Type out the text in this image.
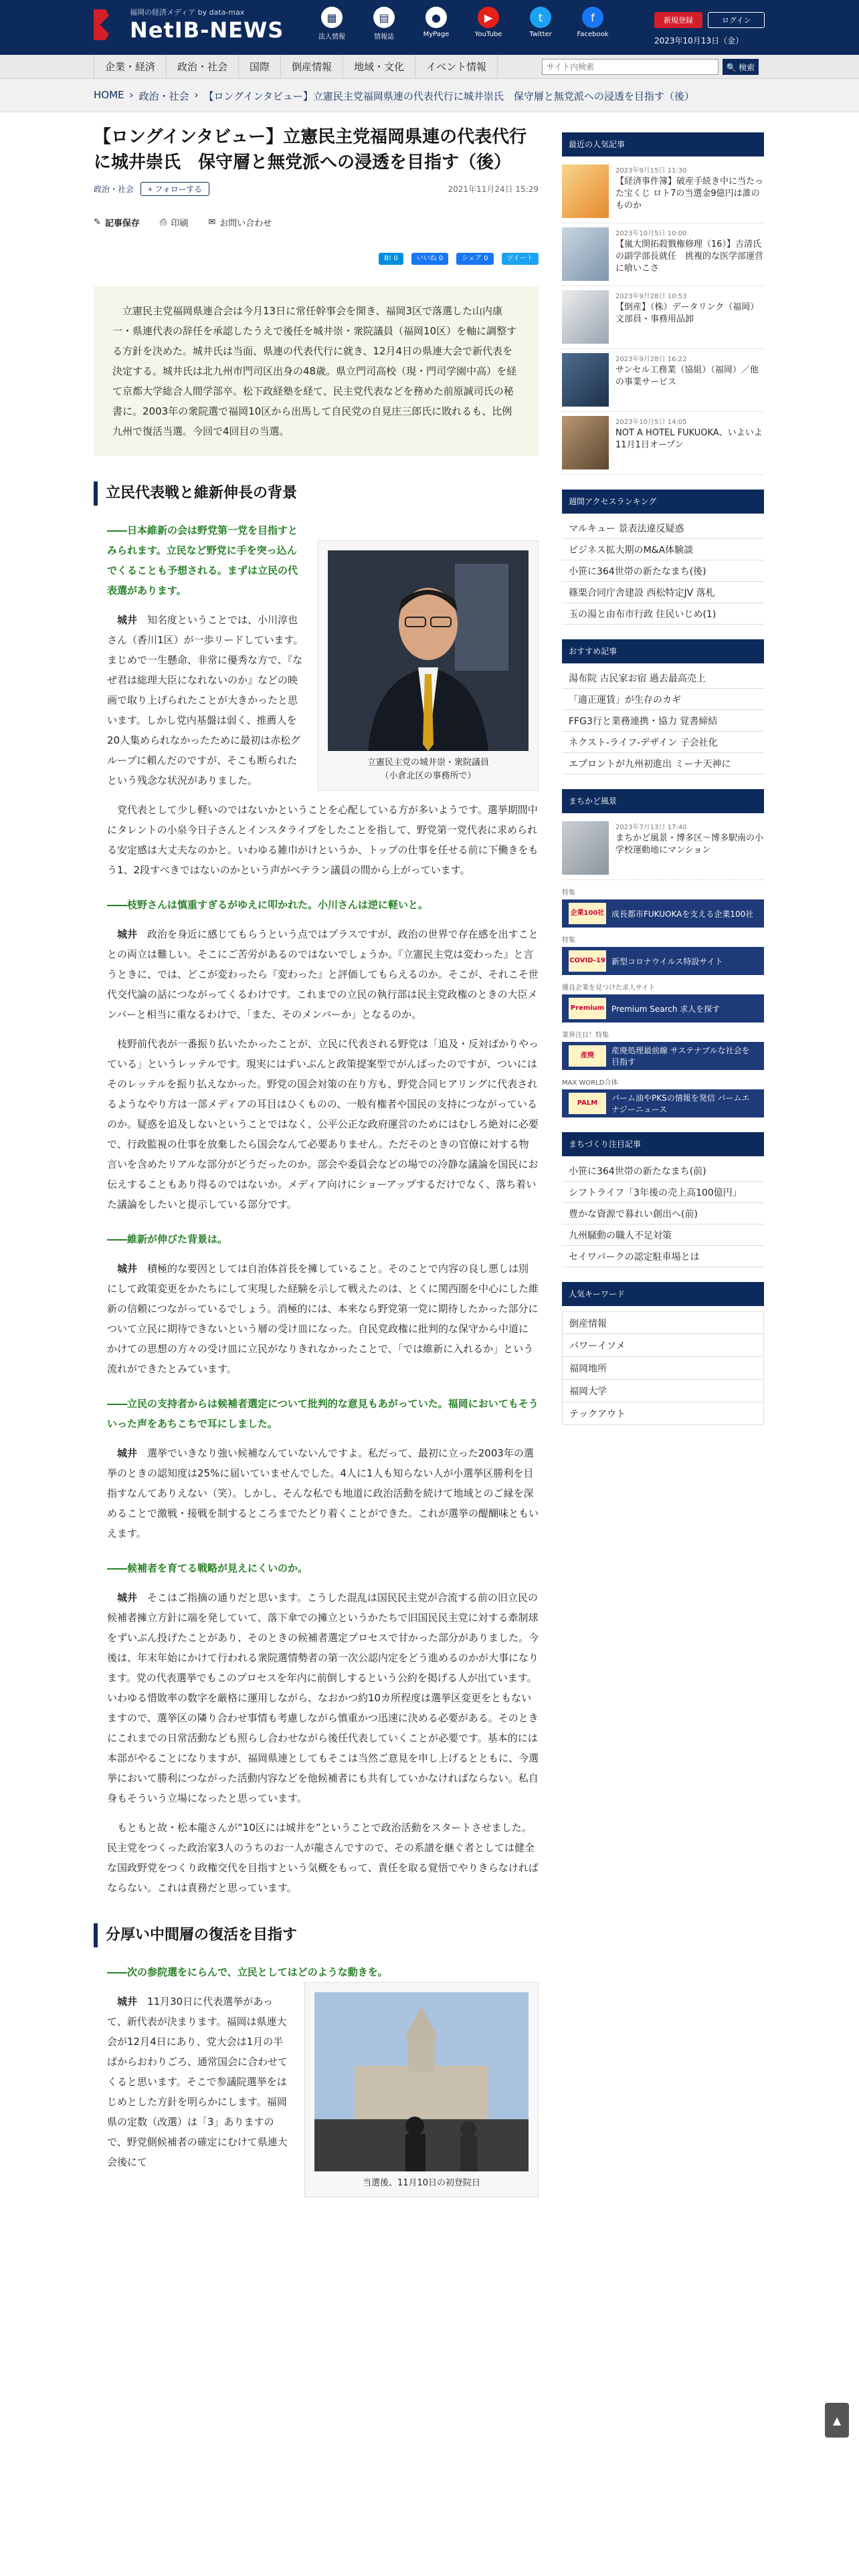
福岡の経済メディア by data-max
NetIB-NEWS	▦
法人情報
▤
情報誌
●
MyPage
▶
YouTube
t
Twitter
f
Facebook
新規登録	ログイン
2023年10月13日（金）
企業・経済	政治・社会	国際	倒産情報	地域・文化	イベント情報
サイト内検索	🔍 検索
HOME › 政治・社会 › 【ロングインタビュー】立憲民主党福岡県連の代表代行に城井崇氏　保守層と無党派への浸透を目指す（後）
【ロングインタビュー】立憲民主党福岡県連の代表代行に城井崇氏　保守層と無党派への浸透を目指す（後）
政治・社会	+ フォローする	2021年11月24日 15:29
✎ 記事保存 ⎙ 印刷 ✉ お問い合わせ
B! 0	いいね 0	シェア 0	ツイート
　立憲民主党福岡県連合会は今月13日に常任幹事会を開き、福岡3区で落選した山内康一・県連代表の辞任を承認したうえで後任を城井崇・衆院議員（福岡10区）を軸に調整する方針を決めた。城井氏は当面、県連の代表代行に就き、12月4日の県連大会で新代表を決定する。城井氏は北九州市門司区出身の48歳。県立門司高校（現・門司学園中高）を経て京都大学総合人間学部卒。松下政経塾を経て、民主党代表などを務めた前原誠司氏の秘書に。2003年の衆院選で福岡10区から出馬して自民党の自見庄三郎氏に敗れるも、比例九州で復活当選。今回で4回目の当選。
立民代表戦と維新伸長の背景
――日本維新の会は野党第一党を目指すとみられます。立民など野党に手を突っ込んでくることも予想される。まずは立民の代表選があります。
立憲民主党の城井崇・衆院議員
（小倉北区の事務所で）

城井　 知名度ということでは、小川淳也さん（香川1区）が一歩リードしています。まじめで一生懸命、非常に優秀な方で、『なぜ君は総理大臣になれないのか』などの映画で取り上げられたことが大きかったと思います。しかし党内基盤は弱く、推薦人を20人集められなかったために最初は赤松グループに頼んだのですが、そこも断られたという残念な状況がありました。

党代表として少し軽いのではないかということを心配している方が多いようです。選挙期間中にタレントの小泉今日子さんとインスタライブをしたことを指して、野党第一党代表に求められる安定感は大丈夫なのかと。いわゆる雑巾がけというか、トップの仕事を任せる前に下働きをもう1、2段すべきではないのかという声がベテラン議員の間から上がっています。

――枝野さんは慎重すぎるがゆえに叩かれた。小川さんは逆に軽いと。

城井　 政治を身近に感じてもらうという点ではプラスですが、政治の世界で存在感を出すこととの両立は難しい。そこにご苦労があるのではないでしょうか。『立憲民主党は変わった』と言うときに、では、どこが変わったら『変わった』と評価してもらえるのか。そこが、それこそ世代交代論の話につながってくるわけです。これまでの立民の執行部は民主党政権のときの大臣メンバーと相当に重なるわけで、「また、そのメンバーか」となるのか。

枝野前代表が一番振り払いたかったことが、立民に代表される野党は「追及・反対ばかりやっている」というレッテルです。現実にはずいぶんと政策提案型でがんばったのですが、ついにはそのレッテルを振り払えなかった。野党の国会対策の在り方も、野党合同ヒアリングに代表されるようなやり方は一部メディアの耳目はひくものの、一般有権者や国民の支持につながっているのか。疑惑を追及しないということではなく、公平公正な政府運営のためにはむしろ絶対に必要で、行政監視の仕事を放棄したら国会なんて必要ありません。ただそのときの官僚に対する物言いを含めたリアルな部分がどうだったのか。部会や委員会などの場での冷静な議論を国民にお伝えすることもあり得るのではないか。メディア向けにショーアップするだけでなく、落ち着いた議論をしたいと提示している部分です。

――維新が伸びた背景は。

城井　 積極的な要因としては自治体首長を擁していること。そのことで内容の良し悪しは別にして政策変更をかたちにして実現した経験を示して戦えたのは、とくに関西圏を中心にした維新の信頼につながっているでしょう。消極的には、本来なら野党第一党に期待したかった部分について立民に期待できないという層の受け皿になった。自民党政権に批判的な保守から中道にかけての思想の方々の受け皿に立民がなりきれなかったことで、「では維新に入れるか」という流れができたとみています。

――立民の支持者からは候補者選定について批判的な意見もあがっていた。福岡においてもそういった声をあちこちで耳にしました。

城井　 選挙でいきなり強い候補なんていないんですよ。私だって、最初に立った2003年の選挙のときの認知度は25%に届いていませんでした。4人に1人も知らない人が小選挙区勝利を目指すなんてありえない（笑）。しかし、そんな私でも地道に政治活動を続けて地域とのご縁を深めることで激戦・接戦を制するところまでたどり着くことができた。これが選挙の醍醐味ともいえます。

――候補者を育てる戦略が見えにくいのか。

城井　 そこはご指摘の通りだと思います。こうした混乱は国民民主党が合流する前の旧立民の候補者擁立方針に端を発していて、落下傘での擁立というかたちで旧国民民主党に対する牽制球をずいぶん投げたことがあり、そのときの候補者選定プロセスで甘かった部分がありました。今後は、年末年始にかけて行われる衆院選情勢者の第一次公認内定をどう進めるのかが大事になります。党の代表選挙でもこのプロセスを年内に前倒しするという公約を掲げる人が出ています。いわゆる惜敗率の数字を厳格に運用しながら、なおかつ約10カ所程度は選挙区変更をともないますので、選挙区の隣り合わせ事情も考慮しながら慎重かつ迅速に決める必要がある。そのときにこれまでの日常活動なども照らし合わせながら後任代表していくことが必要です。基本的には本部がやることになりますが、福岡県連としてもそこは当然ご意見を申し上げるとともに、今選挙において勝利につながった活動内容などを他候補者にも共有していかなければならない。私自身もそういう立場になったと思っています。

もともと故・松本龍さんが“10区には城井を”ということで政治活動をスタートさせました。民主党をつくった政治家3人のうちのお一人が龍さんですので、その系譜を継ぐ者としては健全な国政野党をつくり政権交代を目指すという気概をもって、責任を取る覚悟でやりきらなければならない。これは責務だと思っています。

分厚い中間層の復活を目指す
――次の参院選をにらんで、立民としてはどのような動きを。
当選後、11月10日の初登院日

城井　 11月30日に代表選挙があって、新代表が決まります。福岡は県連大会が12月4日にあり、党大会は1月の半ばからおわりごろ、通常国会に合わせてくると思います。そこで参議院選挙をはじめとした方針を明らかにします。福岡県の定数（改選）は「3」ありますので、野党側候補者の確定にむけて県連大会後にて

最近の人気記事
2023年9月15日 11:30
【経済事件簿】破産手続き中に当たった宝くじ ロト7の当選金9億円は誰のものか
2023年10月5日 10:00
【嵐大開拓殺戮権修理（16）】吉清氏の副学部長就任　挑複的な医学部運営に喰いこさ
2023年9月28日 10:53
【倒産】（株）データリンク（福岡）文部員・事務用品卸
2023年9月28日 16:22
サンセル工務業（協組）（福岡）／他の事業サービス
2023年10月5日 14:05
NOT A HOTEL FUKUOKA、いよいよ11月1日オープン
週間アクセスランキング
マルキュー 景表法違反疑惑
ビジネス拡大期のM&A体験談
小笹に364世帯の新たなまち(後)
篠栗合同庁舎建設 西松特定JV 落札
玉の湯と由布市行政 住民いじめ(1)
おすすめ記事
湯布院 古民家お宿 過去最高売上
「適正運賃」が生存のカギ
FFG3行と業務連携・協力 覚書締結
ネクスト-ライフ-デザイン 子会社化
エプロントが九州初進出 ミーナ天神に
まちかど風景
2023年7月13日 17:40
まちかど風景・博多区～博多駅南の小学校運動地にマンション
特集
企業100社 成長都市FUKUOKAを支える企業100社
特集
COVID-19 新型コロナウイルス特設サイト
優良企業を見つけた求人サイト
Premium Premium Search 求人を探す
業界注目！特集
産廃
産廃処理最前線 サステナブルな社会を目指す
MAX WORLD合体
PALM
パーム油やPKSの情報を発信 バームエナジーニュース
まちづくり注目記事
小笹に364世帯の新たなまち(前)
シフトライフ「3年後の売上高100億円」
豊かな資源で暮れい創出へ(前)
九州騒動の職人不足対策
セイワパークの認定駐車場とは
人気キーワード
倒産情報
パワーイソメ
福岡地所
福岡大学
テックアウト
▲
